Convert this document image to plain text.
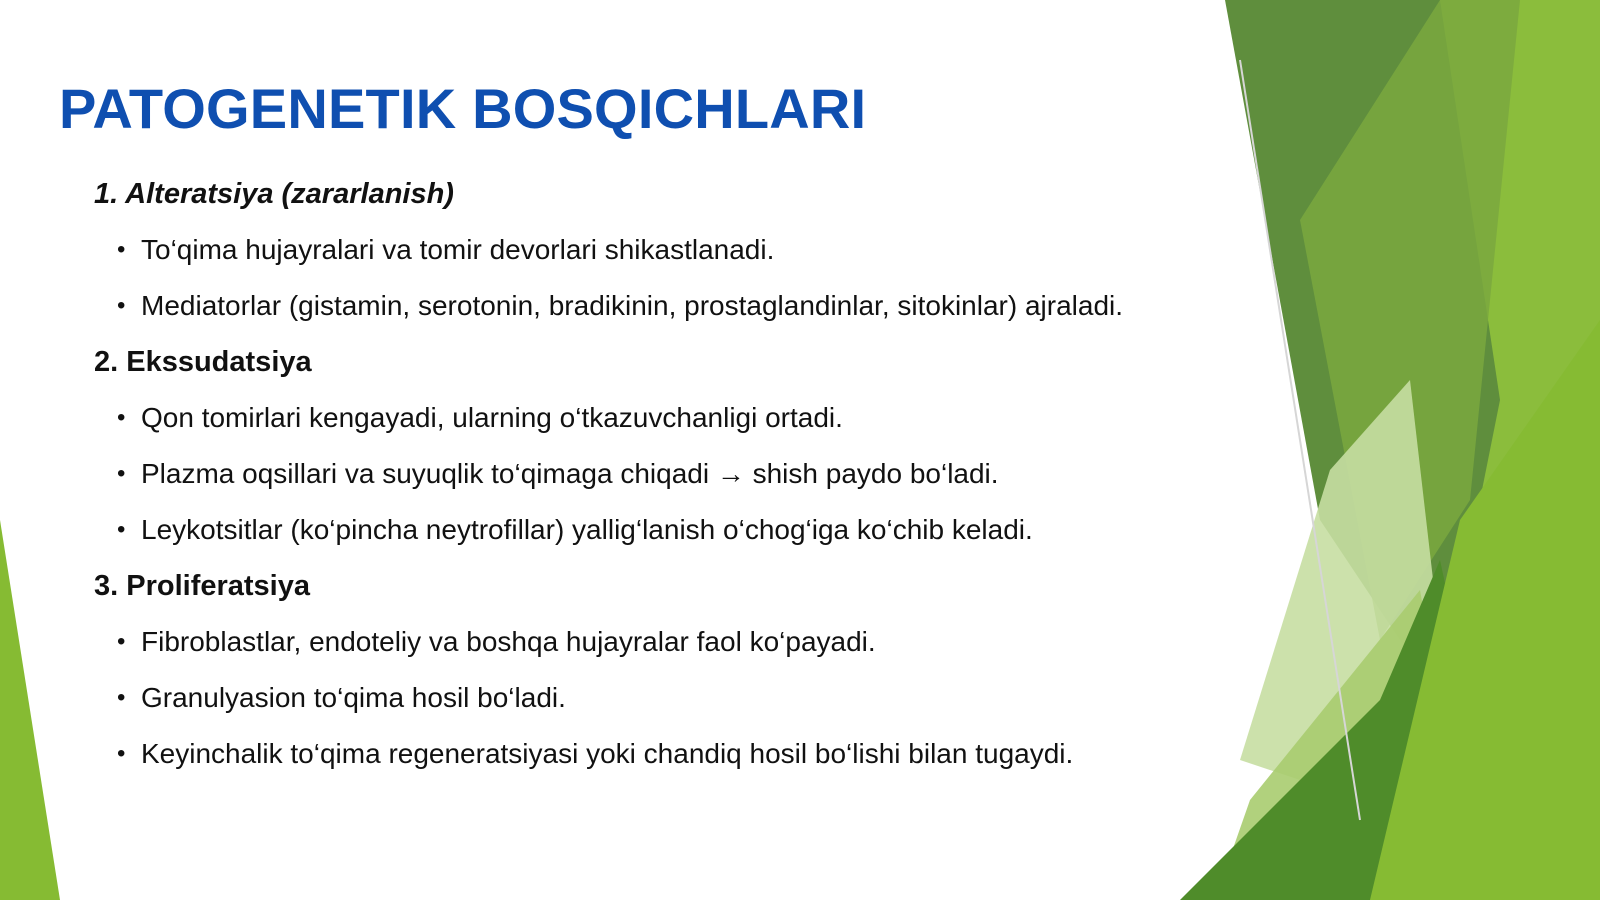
PATOGENETIK BOSQICHLARI
1. Alteratsiya (zararlanish)
• To‘qima hujayralari va tomir devorlari shikastlanadi.
• Mediatorlar (gistamin, serotonin, bradikinin, prostaglandinlar, sitokinlar) ajraladi.
2. Ekssudatsiya
• Qon tomirlari kengayadi, ularning o‘tkazuvchanligi ortadi.
• Plazma oqsillari va suyuqlik to‘qimaga chiqadi → shish paydo bo‘ladi.
• Leykotsitlar (ko‘pincha neytrofillar) yallig‘lanish o‘chog‘iga ko‘chib keladi.
3. Proliferatsiya
• Fibroblastlar, endoteliy va boshqa hujayralar faol ko‘payadi.
• Granulyasion to‘qima hosil bo‘ladi.
• Keyinchalik to‘qima regeneratsiyasi yoki chandiq hosil bo‘lishi bilan tugaydi.
